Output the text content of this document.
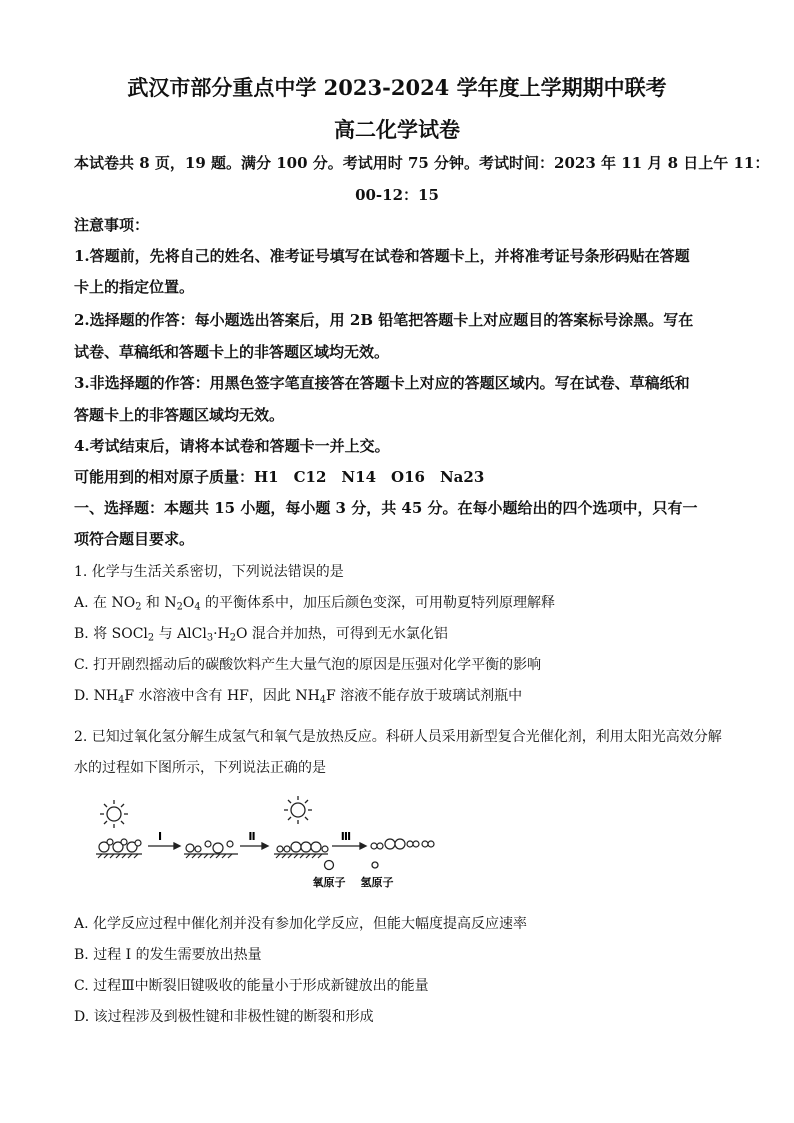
武汉市部分重点中学 2023-2024 学年度上学期期中联考
高二化学试卷
本试卷共 8 页，19 题。满分 100 分。考试用时 75 分钟。考试时间：2023 年 11 月 8 日上午 11：
00-12：15
注意事项：
1.答题前，先将自己的姓名、准考证号填写在试卷和答题卡上，并将准考证号条形码贴在答题
卡上的指定位置。
2.选择题的作答：每小题选出答案后，用 2B 铅笔把答题卡上对应题目的答案标号涂黑。写在
试卷、草稿纸和答题卡上的非答题区域均无效。
3.非选择题的作答：用黑色签字笔直接答在答题卡上对应的答题区域内。写在试卷、草稿纸和
答题卡上的非答题区域均无效。
4.考试结束后，请将本试卷和答题卡一并上交。
可能用到的相对原子质量：H1　C12　N14　O16　Na23
一、选择题：本题共 15 小题，每小题 3 分，共 45 分。在每小题给出的四个选项中，只有一
项符合题目要求。
1. 化学与生活关系密切，下列说法错误的是
A. 在 $NO_2$ 和 $N_2O_4$ 的平衡体系中，加压后颜色变深，可用勒夏特列原理解释
B. 将 SOCl$_2$ 与 $AlCl_3\cdot H_2O$ 混合并加热，可得到无水氯化铝
C. 打开剧烈摇动后的碳酸饮料产生大量气泡的原因是压强对化学平衡的影响
D. $NH_4F$ 水溶液中含有 HF，因此 $NH_4F$ 溶液不能存放于玻璃试剂瓶中
2. 已知过氧化氢分解生成氢气和氧气是放热反应。科研人员采用新型复合光催化剂，利用太阳光高效分解
水的过程如下图所示，下列说法正确的是
I	Ⅱ	Ⅲ
氧原子 氢原子
A. 化学反应过程中催化剂并没有参加化学反应，但能大幅度提高反应速率
B. 过程 I 的发生需要放出热量
C. 过程Ⅲ中断裂旧键吸收的能量小于形成新键放出的能量
D. 该过程涉及到极性键和非极性键的断裂和形成
